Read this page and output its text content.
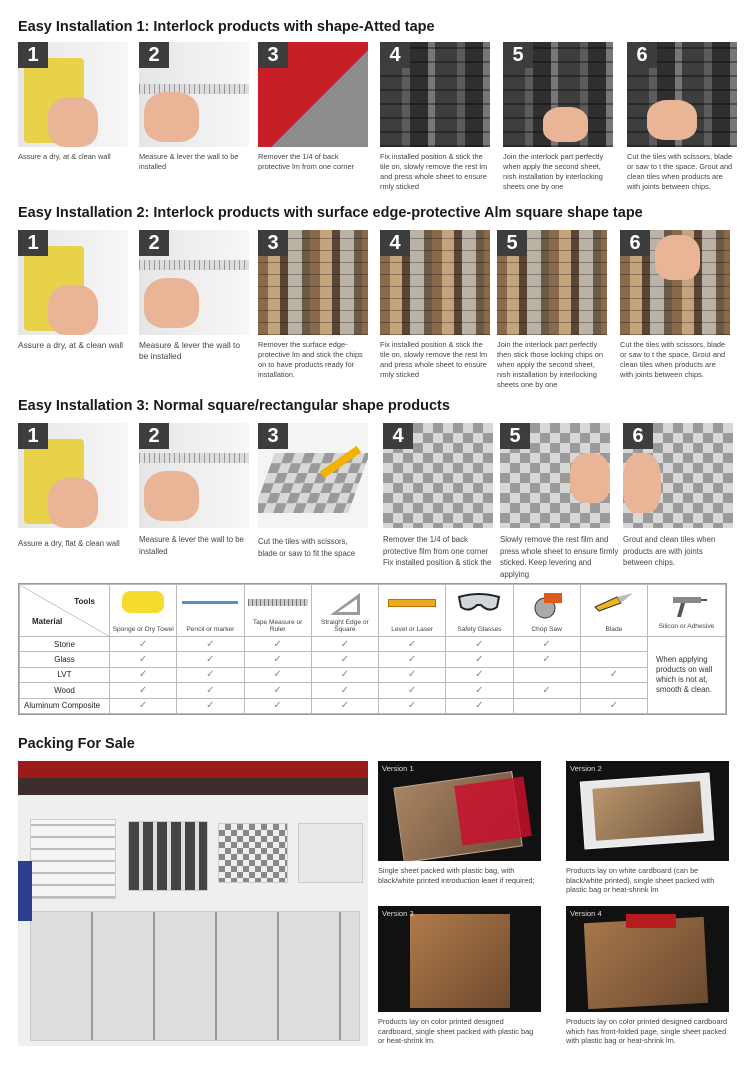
Easy Installation 1: Interlock products with shape-Atted tape
1
Assure a dry, at & clean wall
2
Measure & lever the wall to be installed
3
Remover the 1/4 of back protective lm from one corner
4
Fix installed position & stick the tile on, slowly remove the rest lm and press whole sheet to ensure rmly sticked
5
Join the interlock part perfectly when apply the second sheet, nish installation by interlocking sheets one by one
6
Cut the tiles with scissors, blade or saw to t the space. Grout and clean tiles when products are with joints between chips.
Easy Installation 2: Interlock products with surface edge-protective Alm square shape tape
1
Assure a dry, at & clean wall
2
Measure & lever the wall to be installed
3
Remover the surface edge-protective lm and stick the chips on to have products ready for installation.
4
Fix installed position & stick the tile on, slowly remove the rest lm and press whole sheet to ensure rmly sticked
5
Join the interlock part perfectly then stick those locking chips on when apply the second sheet, nish installation by interlocking sheets one by one
6
Cut the tiles with scissors, blade or saw to t the space. Grout and clean tiles when products are with joints between chips.
Easy Installation 3: Normal square/rectangular shape products
1
Assure a dry, flat & clean wall
2
Measure & lever the wall to be installed
3
Cut the tiles with scissors, blade or saw to fit the space
4
Remover the 1/4 of back protective film from one corner Fix installed position & stick the
5
Slowly remove the rest film and press whole sheet to ensure firmly sticked. Keep levering and applying
6
Grout and clean tiles when products are with joints between chips.
Tools
Material	Sponge or Dry Towel	Pencil or marker	Tape Measure or Ruler	Straight Edge or Square	Level or Laser	Safety Glasses	Chop Saw	Blade	Silicon or Adhesive

Stone	✓	✓	✓	✓	✓	✓	✓		When applying products on wall which is not at, smooth & clean.
Glass	✓	✓	✓	✓	✓	✓	✓		
LVT	✓	✓	✓	✓	✓	✓		✓	
Wood	✓	✓	✓	✓	✓	✓	✓		
Aluminum Composite	✓	✓	✓	✓	✓	✓		✓	
Packing For Sale
Version 1
Single sheet packed with plastic bag, with black/white printed introduction leaet if required;
Version 2
Products lay on white cardboard (can be black/white printed), single sheet packed with plastic bag or heat-shrink lm
Version 3
Products lay on color printed designed cardboard, single sheet packed with plastic bag or heat-shrink lm.
Version 4
Products lay on color printed designed cardboard which has front-folded page, single sheet packed with plastic bag or heat-shrink lm.
